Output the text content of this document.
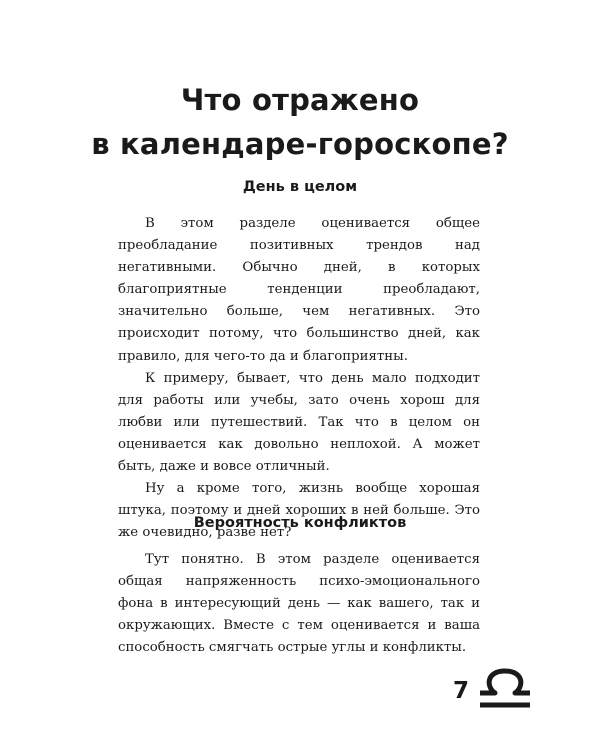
Что отражено
в календаре-гороскопе?
День в целом

В этом разделе оценивается общее преобладание позитивных трендов над негативными. Обычно дней, в которых благоприятные тенденции преобладают, значительно больше, чем негативных. Это происходит потому, что большинство дней, как правило, для чего-то да и благоприятны.

К примеру, бывает, что день мало подходит для работы или учебы, зато очень хорош для любви или путешествий. Так что в целом он оценивается как довольно неплохой. А может быть, даже и вовсе отличный.

Ну а кроме того, жизнь вообще хорошая штука, поэтому и дней хороших в ней больше. Это же очевидно, разве нет?

Вероятность конфликтов

Тут понятно. В этом разделе оценивается общая напряженность психо-эмоционального фона в интересующий день — как вашего, так и окружающих. Вместе с тем оценивается и ваша способность смягчать острые углы и конфликты.

7
